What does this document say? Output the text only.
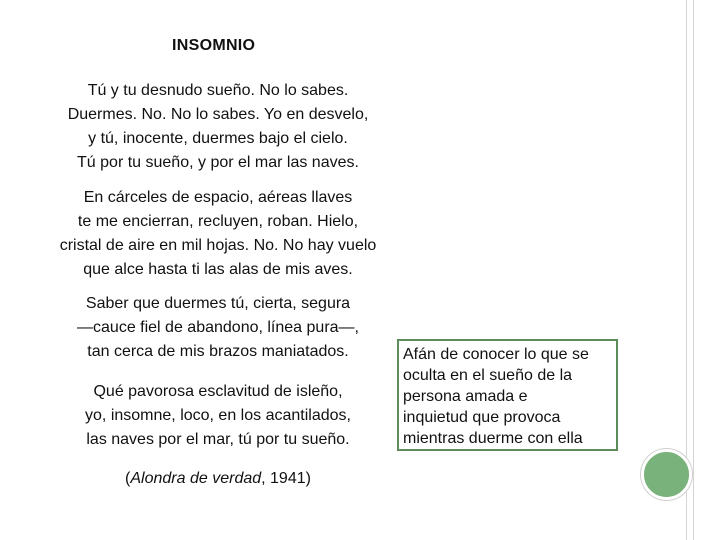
INSOMNIO

Tú y tu desnudo sueño. No lo sabes.

Duermes. No. No lo sabes. Yo en desvelo,

y tú, inocente, duermes bajo el cielo.

Tú por tu sueño, y por el mar las naves.

En cárceles de espacio, aéreas llaves

te me encierran, recluyen, roban. Hielo,

cristal de aire en mil hojas. No. No hay vuelo

que alce hasta ti las alas de mis aves.

Saber que duermes tú, cierta, segura

—cauce fiel de abandono, línea pura—,

tan cerca de mis brazos maniatados.

Qué pavorosa esclavitud de isleño,

yo, insomne, loco, en los acantilados,

las naves por el mar, tú por tu sueño.

(Alondra de verdad, 1941)
Afán de conocer lo que se
oculta en el sueño de la
persona amada e
inquietud que provoca
mientras duerme con ella
